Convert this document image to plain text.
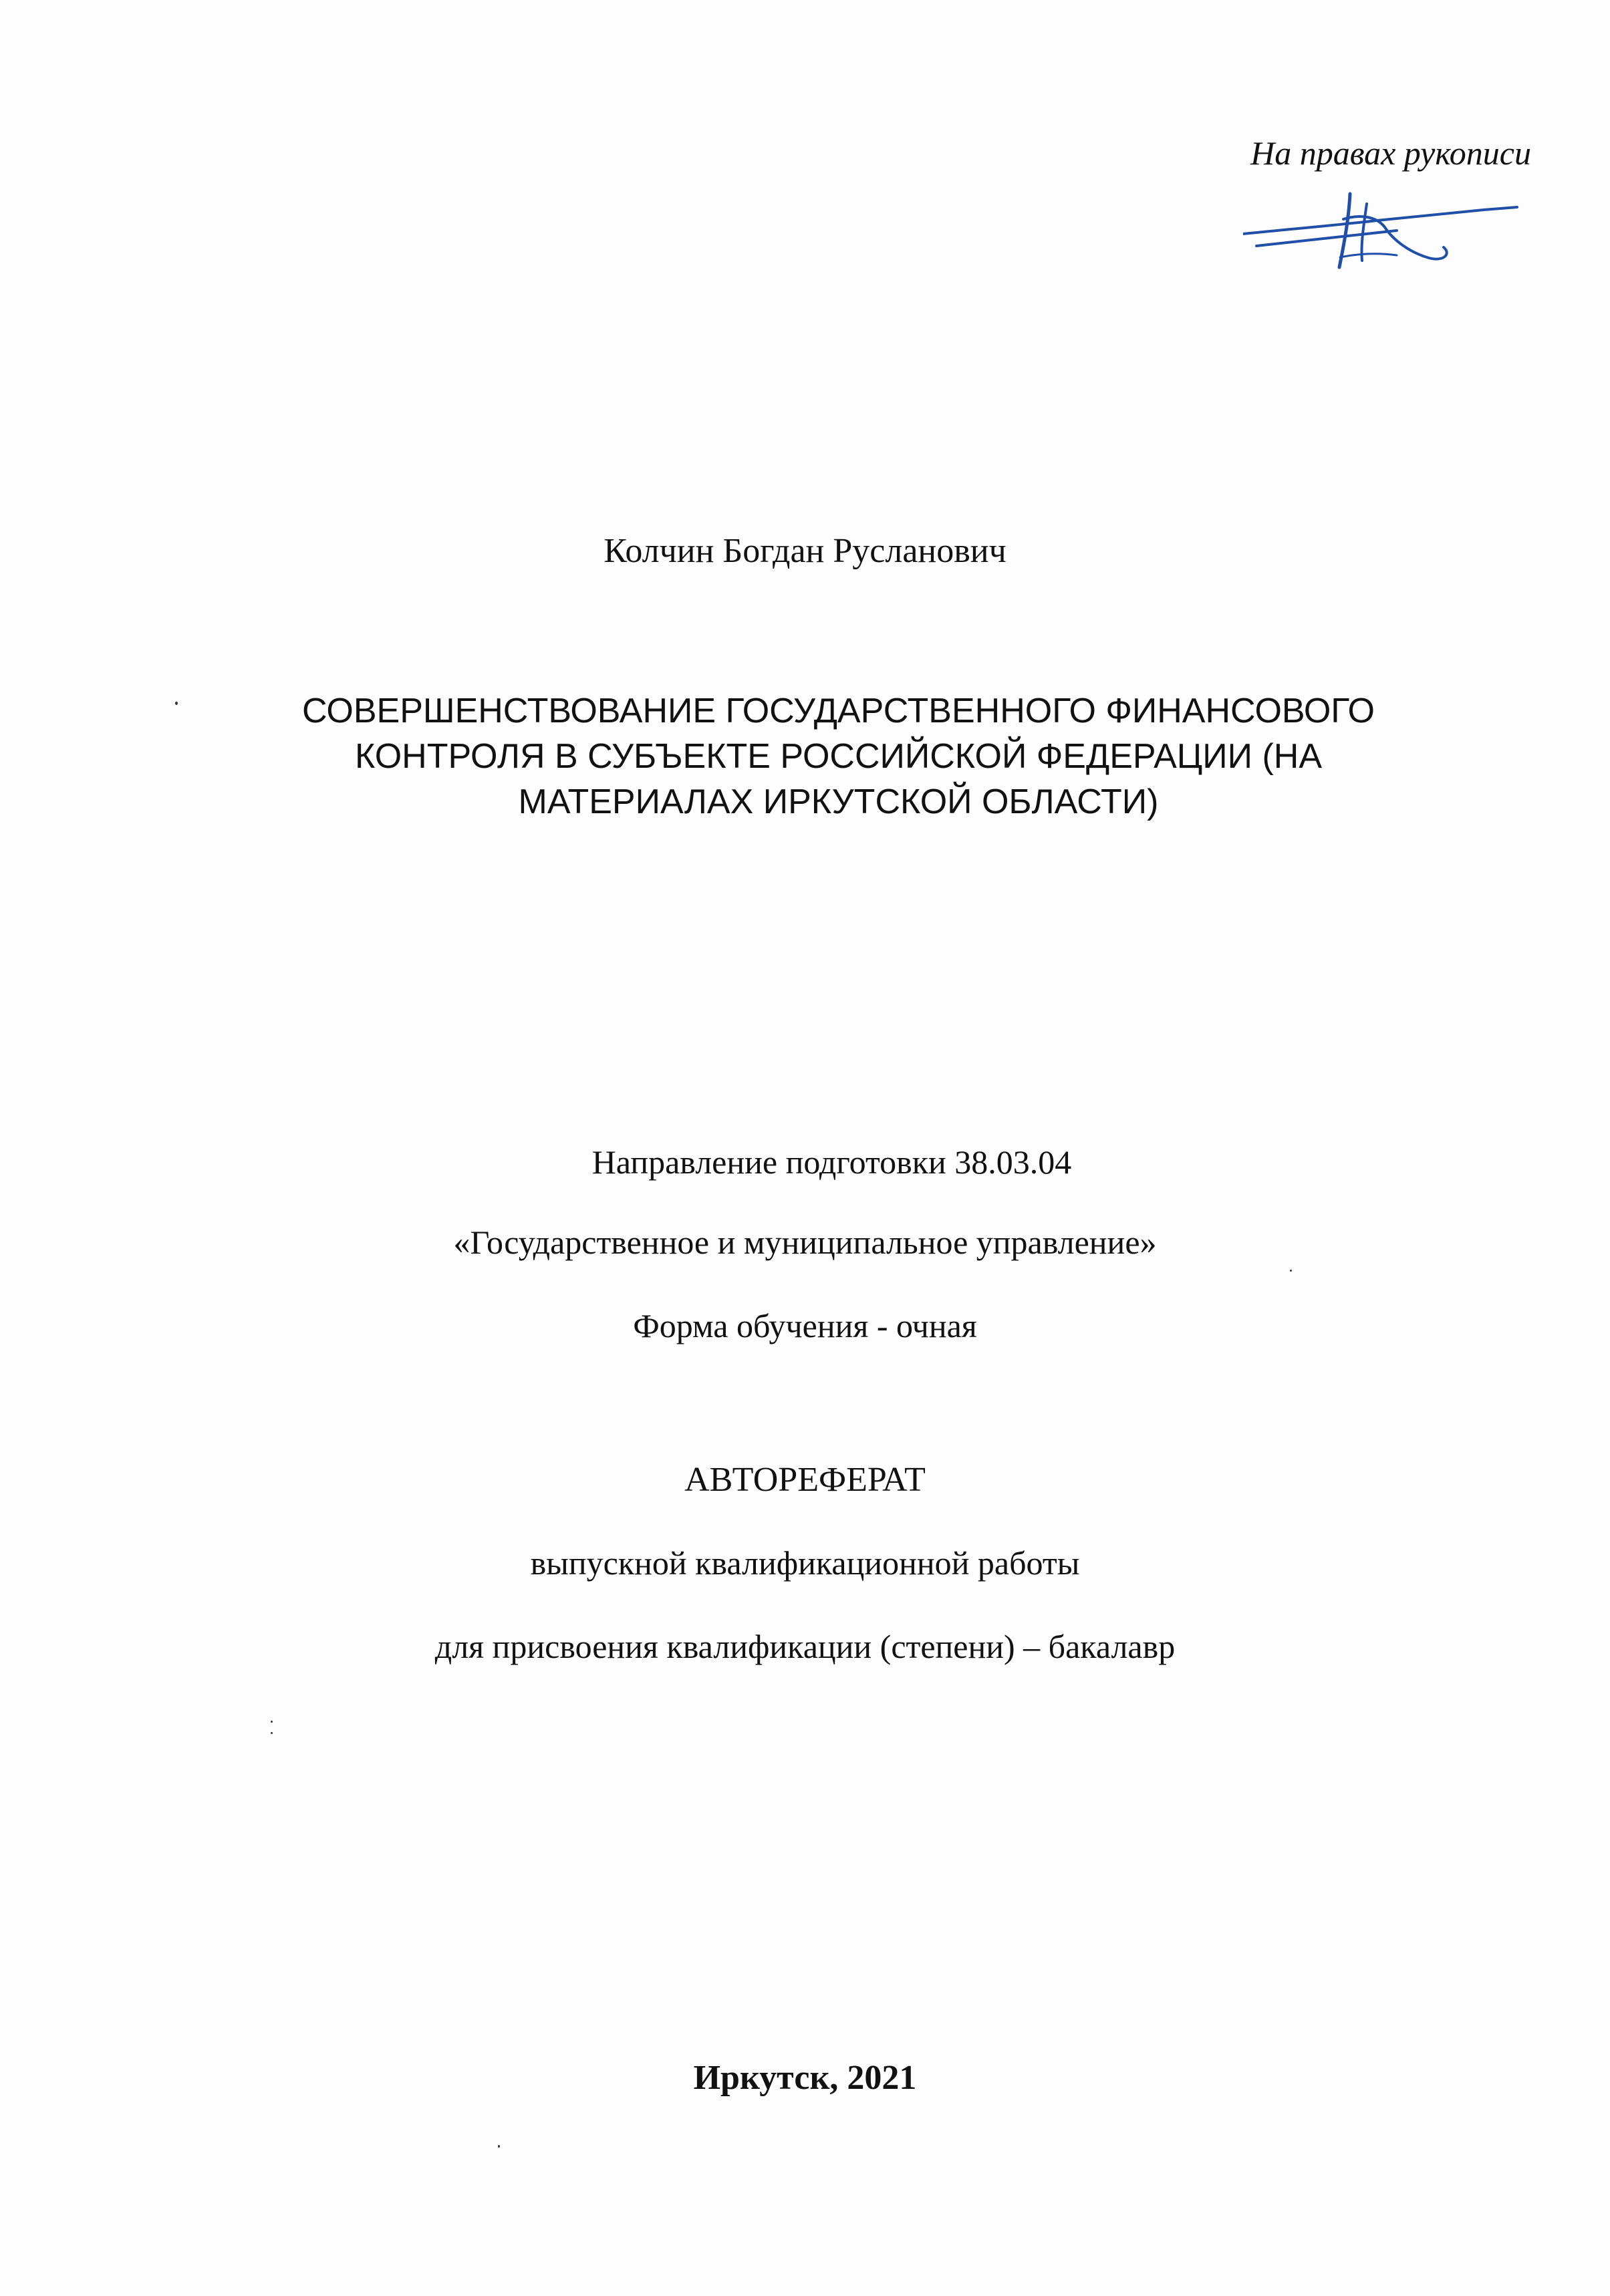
На правах рукописи
Колчин Богдан Русланович
СОВЕРШЕНСТВОВАНИЕ ГОСУДАРСТВЕННОГО ФИНАНСОВОГО
КОНТРОЛЯ В СУБЪЕКТЕ РОССИЙСКОЙ ФЕДЕРАЦИИ (НА
МАТЕРИАЛАХ ИРКУТСКОЙ ОБЛАСТИ)
Направление подготовки 38.03.04
«Государственное и муниципальное управление»
Форма обучения - очная
АВТОРЕФЕРАТ
выпускной квалификационной работы
для присвоения квалификации (степени) – бакалавр
Иркутск, 2021
